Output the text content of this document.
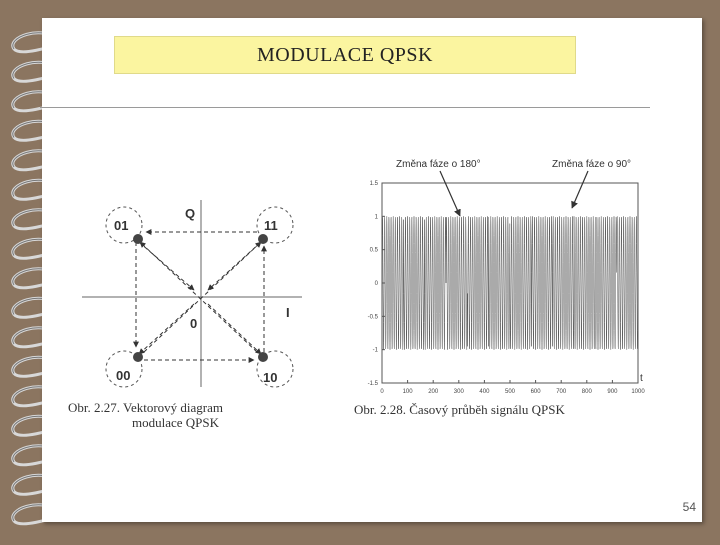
MODULACE QPSK
01	11
00	10
Q
I
0
Obr. 2.27. Vektorový diagram
modulace QPSK
0	100	200	300	400	500	600	700	800	900 1000
1.5
1
0.5
0
-0.5
-1
-1.5
Změna fáze o 180°	Změna fáze o 90°
t
Obr. 2.28. Časový průběh signálu QPSK
54
